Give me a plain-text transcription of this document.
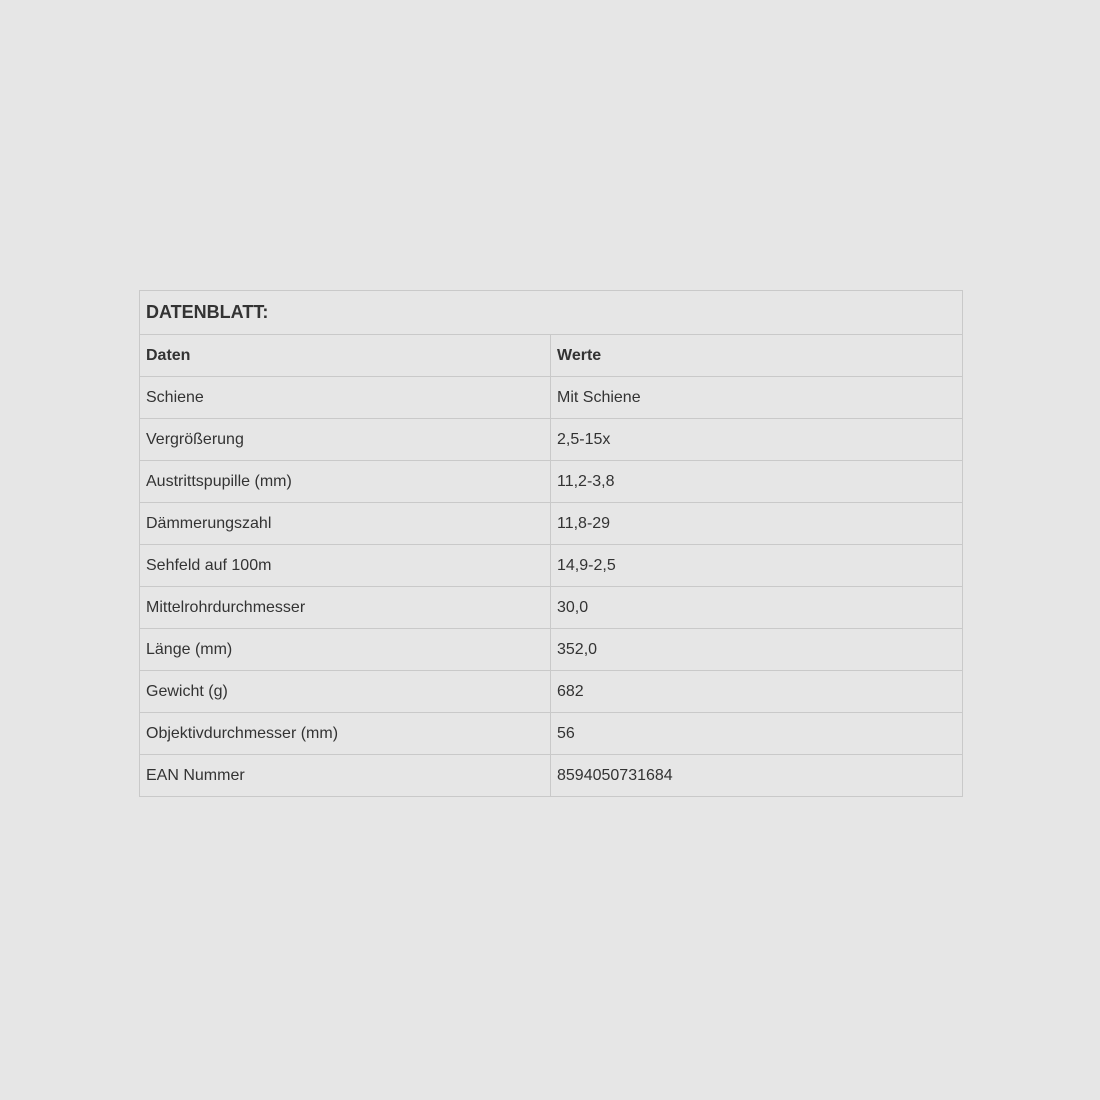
DATENBLATT:	
Daten	Werte
Schiene	Mit Schiene
Vergrößerung	2,5-15x
Austrittspupille (mm)	11,2-3,8
Dämmerungszahl	11,8-29
Sehfeld auf 100m	14,9-2,5
Mittelrohrdurchmesser	30,0
Länge (mm)	352,0
Gewicht (g)	682
Objektivdurchmesser (mm)	56
EAN Nummer	8594050731684
